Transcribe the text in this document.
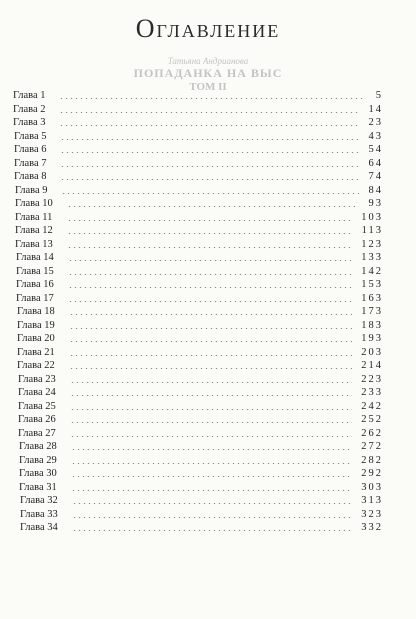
Татьяна Андрианова
ПОПАДАНКА НА ВЫС
ТОМ II
Оглавление
Глава 1	5
Глава 2	14
Глава 3	23
Глава 5	43
Глава 6	54
Глава 7	64
Глава 8	74
Глава 9	84
Глава 10	93
Глава 11	103
Глава 12	113
Глава 13	123
Глава 14	133
Глава 15	142
Глава 16	153
Глава 17	163
Глава 18	173
Глава 19	183
Глава 20	193
Глава 21	203
Глава 22	214
Глава 23	223
Глава 24	233
Глава 25	242
Глава 26	252
Глава 27	262
Глава 28	272
Глава 29	282
Глава 30	292
Глава 31	303
Глава 32	313
Глава 33	323
Глава 34	332
